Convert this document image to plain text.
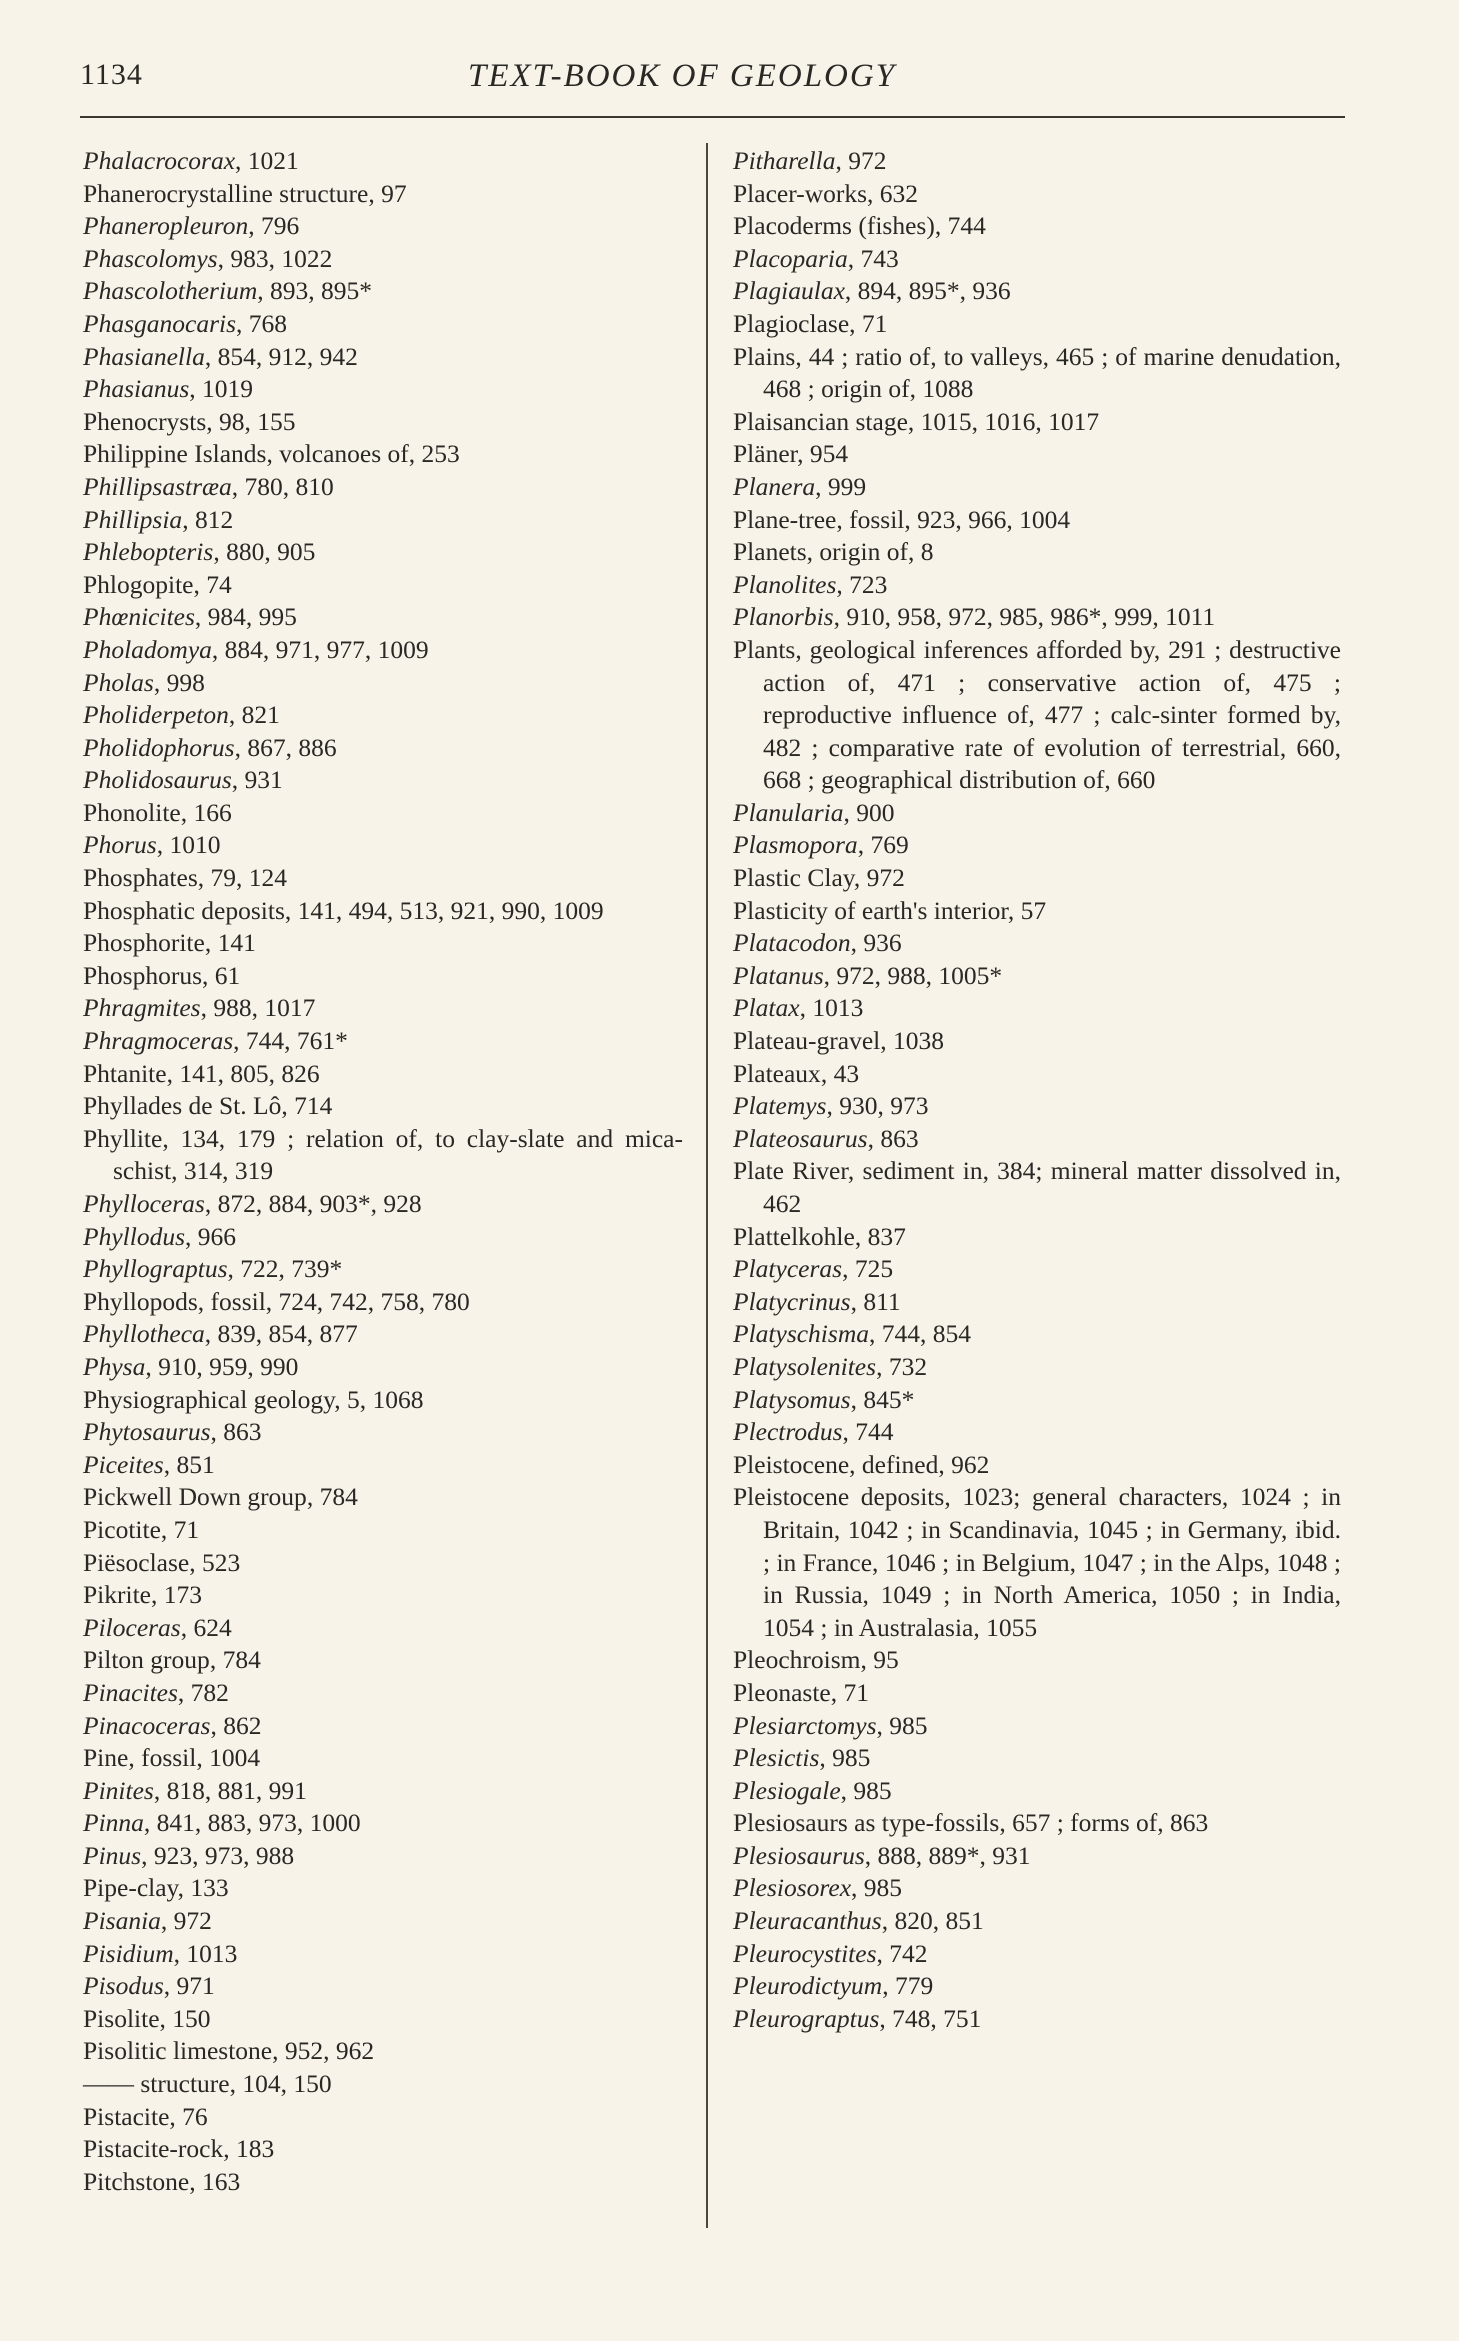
1134	TEXT-BOOK OF GEOLOGY
Phalacrocorax, 1021
Phanerocrystalline structure, 97
Phaneropleuron, 796
Phascolomys, 983, 1022
Phascolotherium, 893, 895*
Phasganocaris, 768
Phasianella, 854, 912, 942
Phasianus, 1019
Phenocrysts, 98, 155
Philippine Islands, volcanoes of, 253
Phillipsastræa, 780, 810
Phillipsia, 812
Phlebopteris, 880, 905
Phlogopite, 74
Phœnicites, 984, 995
Pholadomya, 884, 971, 977, 1009
Pholas, 998
Pholiderpeton, 821
Pholidophorus, 867, 886
Pholidosaurus, 931
Phonolite, 166
Phorus, 1010
Phosphates, 79, 124
Phosphatic deposits, 141, 494, 513, 921, 990, 1009
Phosphorite, 141
Phosphorus, 61
Phragmites, 988, 1017
Phragmoceras, 744, 761*
Phtanite, 141, 805, 826
Phyllades de St. Lô, 714
Phyllite, 134, 179 ; relation of, to clay-slate and mica-schist, 314, 319
Phylloceras, 872, 884, 903*, 928
Phyllodus, 966
Phyllograptus, 722, 739*
Phyllopods, fossil, 724, 742, 758, 780
Phyllotheca, 839, 854, 877
Physa, 910, 959, 990
Physiographical geology, 5, 1068
Phytosaurus, 863
Piceites, 851
Pickwell Down group, 784
Picotite, 71
Piësoclase, 523
Pikrite, 173
Piloceras, 624
Pilton group, 784
Pinacites, 782
Pinacoceras, 862
Pine, fossil, 1004
Pinites, 818, 881, 991
Pinna, 841, 883, 973, 1000
Pinus, 923, 973, 988
Pipe-clay, 133
Pisania, 972
Pisidium, 1013
Pisodus, 971
Pisolite, 150
Pisolitic limestone, 952, 962
—— structure, 104, 150
Pistacite, 76
Pistacite-rock, 183
Pitchstone, 163
Pitharella, 972
Placer-works, 632
Placoderms (fishes), 744
Placoparia, 743
Plagiaulax, 894, 895*, 936
Plagioclase, 71
Plains, 44 ; ratio of, to valleys, 465 ; of marine denudation, 468 ; origin of, 1088
Plaisancian stage, 1015, 1016, 1017
Pläner, 954
Planera, 999
Plane-tree, fossil, 923, 966, 1004
Planets, origin of, 8
Planolites, 723
Planorbis, 910, 958, 972, 985, 986*, 999, 1011
Plants, geological inferences afforded by, 291 ; destructive action of, 471 ; conservative action of, 475 ; reproductive influence of, 477 ; calc-sinter formed by, 482 ; comparative rate of evolution of terrestrial, 660, 668 ; geographical distribution of, 660
Planularia, 900
Plasmopora, 769
Plastic Clay, 972
Plasticity of earth's interior, 57
Platacodon, 936
Platanus, 972, 988, 1005*
Platax, 1013
Plateau-gravel, 1038
Plateaux, 43
Platemys, 930, 973
Plateosaurus, 863
Plate River, sediment in, 384; mineral matter dissolved in, 462
Plattelkohle, 837
Platyceras, 725
Platycrinus, 811
Platyschisma, 744, 854
Platysolenites, 732
Platysomus, 845*
Plectrodus, 744
Pleistocene, defined, 962
Pleistocene deposits, 1023; general characters, 1024 ; in Britain, 1042 ; in Scandinavia, 1045 ; in Germany, ibid. ; in France, 1046 ; in Belgium, 1047 ; in the Alps, 1048 ; in Russia, 1049 ; in North America, 1050 ; in India, 1054 ; in Australasia, 1055
Pleochroism, 95
Pleonaste, 71
Plesiarctomys, 985
Plesictis, 985
Plesiogale, 985
Plesiosaurs as type-fossils, 657 ; forms of, 863
Plesiosaurus, 888, 889*, 931
Plesiosorex, 985
Pleuracanthus, 820, 851
Pleurocystites, 742
Pleurodictyum, 779
Pleurograptus, 748, 751
